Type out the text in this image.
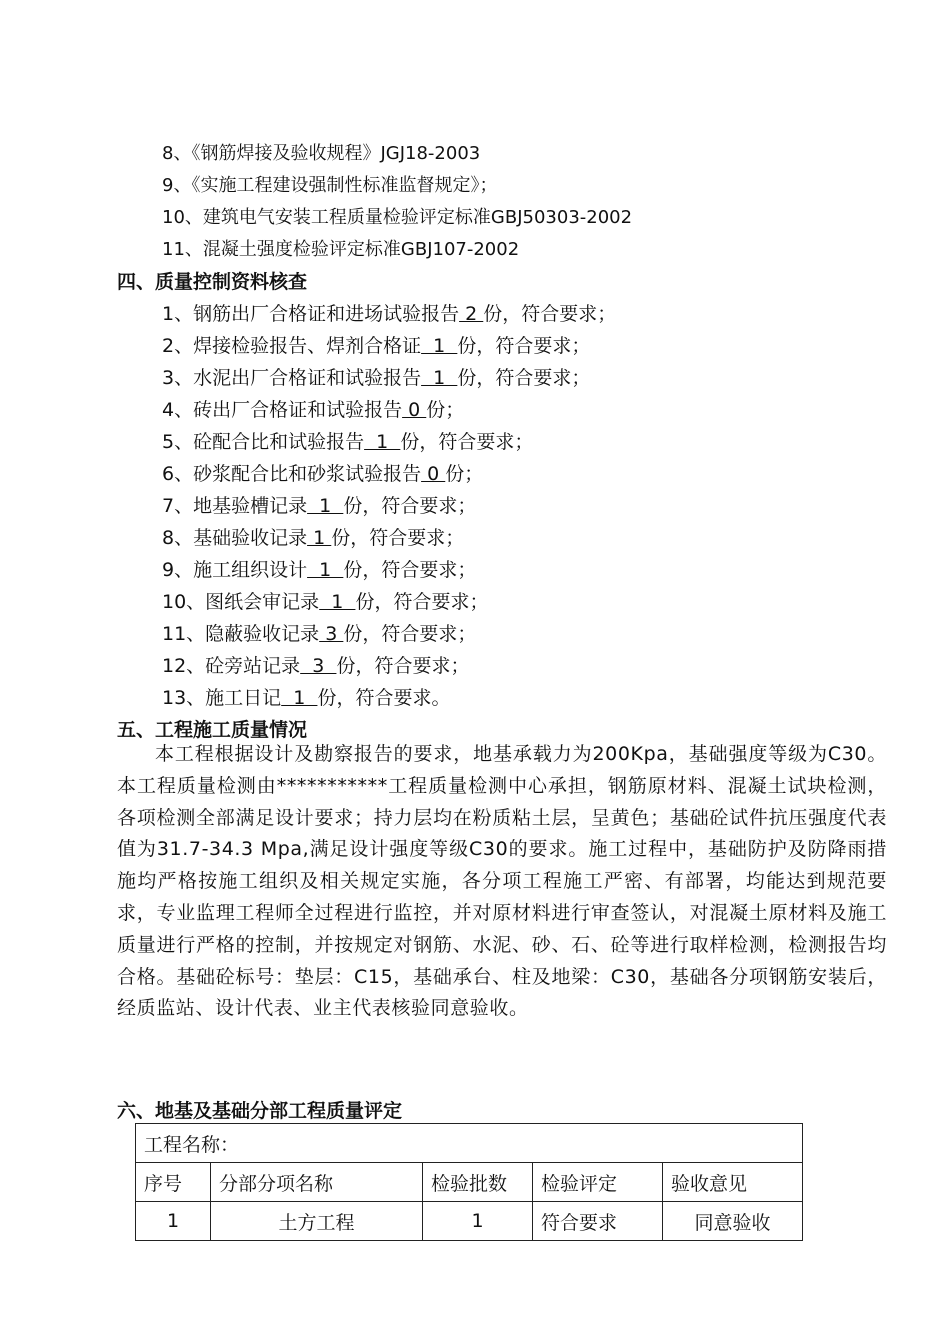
8、《钢筋焊接及验收规程》JGJ18-2003
9、《实施工程建设强制性标准监督规定》；
10、建筑电气安装工程质量检验评定标准GBJ50303-2002
11、混凝土强度检验评定标准GBJ107-2002
四、质量控制资料核查
1、钢筋出厂合格证和进场试验报告 2 份，符合要求；
2、焊接检验报告、焊剂合格证  1  份，符合要求；
3、水泥出厂合格证和试验报告  1  份，符合要求；
4、砖出厂合格证和试验报告 0 份；
5、砼配合比和试验报告  1  份，符合要求；
6、砂浆配合比和砂浆试验报告 0 份；
7、地基验槽记录  1  份，符合要求；
8、基础验收记录 1 份，符合要求；
9、施工组织设计  1  份，符合要求；
10、图纸会审记录  1  份，符合要求；
11、隐蔽验收记录 3 份，符合要求；
12、砼旁站记录  3  份，符合要求；
13、施工日记  1  份，符合要求。
五、工程施工质量情况
本工程根据设计及勘察报告的要求，地基承载力为200Kpa，基础强度等级为C30。本工程质量检测由***********工程质量检测中心承担，钢筋原材料、混凝土试块检测，各项检测全部满足设计要求；持力层均在粉质粘土层，呈黄色；基础砼试件抗压强度代表值为31.7-34.3 Mpa,满足设计强度等级C30的要求。施工过程中，基础防护及防降雨措施均严格按施工组织及相关规定实施，各分项工程施工严密、有部署，均能达到规范要求，专业监理工程师全过程进行监控，并对原材料进行审查签认，对混凝土原材料及施工质量进行严格的控制，并按规定对钢筋、水泥、砂、石、砼等进行取样检测，检测报告均合格。基础砼标号：垫层：C15，基础承台、柱及地梁：C30，基础各分项钢筋安装后，经质监站、设计代表、业主代表核验同意验收。
六、地基及基础分部工程质量评定
工程名称：				
序号	分部分项名称	检验批数	检验评定	验收意见
1	土方工程	1	符合要求	同意验收
